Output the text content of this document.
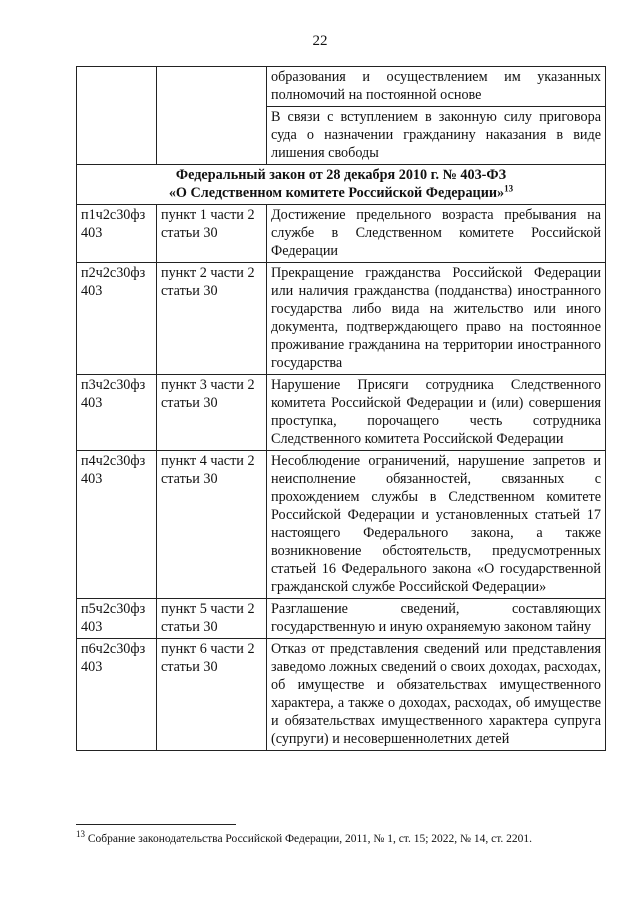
22
		образования и осуществлением им указанных полномочий на постоянной основе
		В связи с вступлением в законную силу приговора суда о назначении гражданину наказания в виде лишения свободы

Федеральный закон от 28 декабря 2010 г. № 403-ФЗ
«О Следственном комитете Российской Федерации»$^{13}$

п1ч2с30фз 403	пункт 1 части 2 статьи 30	Достижение предельного возраста пребывания на службе в Следственном комитете Российской Федерации
п2ч2с30фз 403	пункт 2 части 2 статьи 30	Прекращение гражданства Российской Федерации или наличия гражданства (подданства) иностранного государства либо вида на жительство или иного документа, подтверждающего право на постоянное проживание гражданина на территории иностранного государства
п3ч2с30фз 403	пункт 3 части 2 статьи 30	Нарушение Присяги сотрудника Следственного комитета Российской Федерации и (или) совершения проступка, порочащего честь сотрудника Следственного комитета Российской Федерации
п4ч2с30фз 403	пункт 4 части 2 статьи 30	Несоблюдение ограничений, нарушение запретов и неисполнение обязанностей, связанных с прохождением службы в Следственном комитете Российской Федерации и установленных статьей 17 настоящего Федерального закона, а также возникновение обстоятельств, предусмотренных статьей 16 Федерального закона «О государственной гражданской службе Российской Федерации»
п5ч2с30фз 403	пункт 5 части 2 статьи 30	Разглашение сведений, составляющих государственную и иную охраняемую законом тайну
п6ч2с30фз 403	пункт 6 части 2 статьи 30	Отказ от представления сведений или представления заведомо ложных сведений о своих доходах, расходах, об имуществе и обязательствах имущественного характера, а также о доходах, расходах, об имуществе и обязательствах имущественного характера супруга (супруги) и несовершеннолетних детей
$^{13}$ Собрание законодательства Российской Федерации, 2011, № 1, ст. 15; 2022, № 14, ст. 2201.
